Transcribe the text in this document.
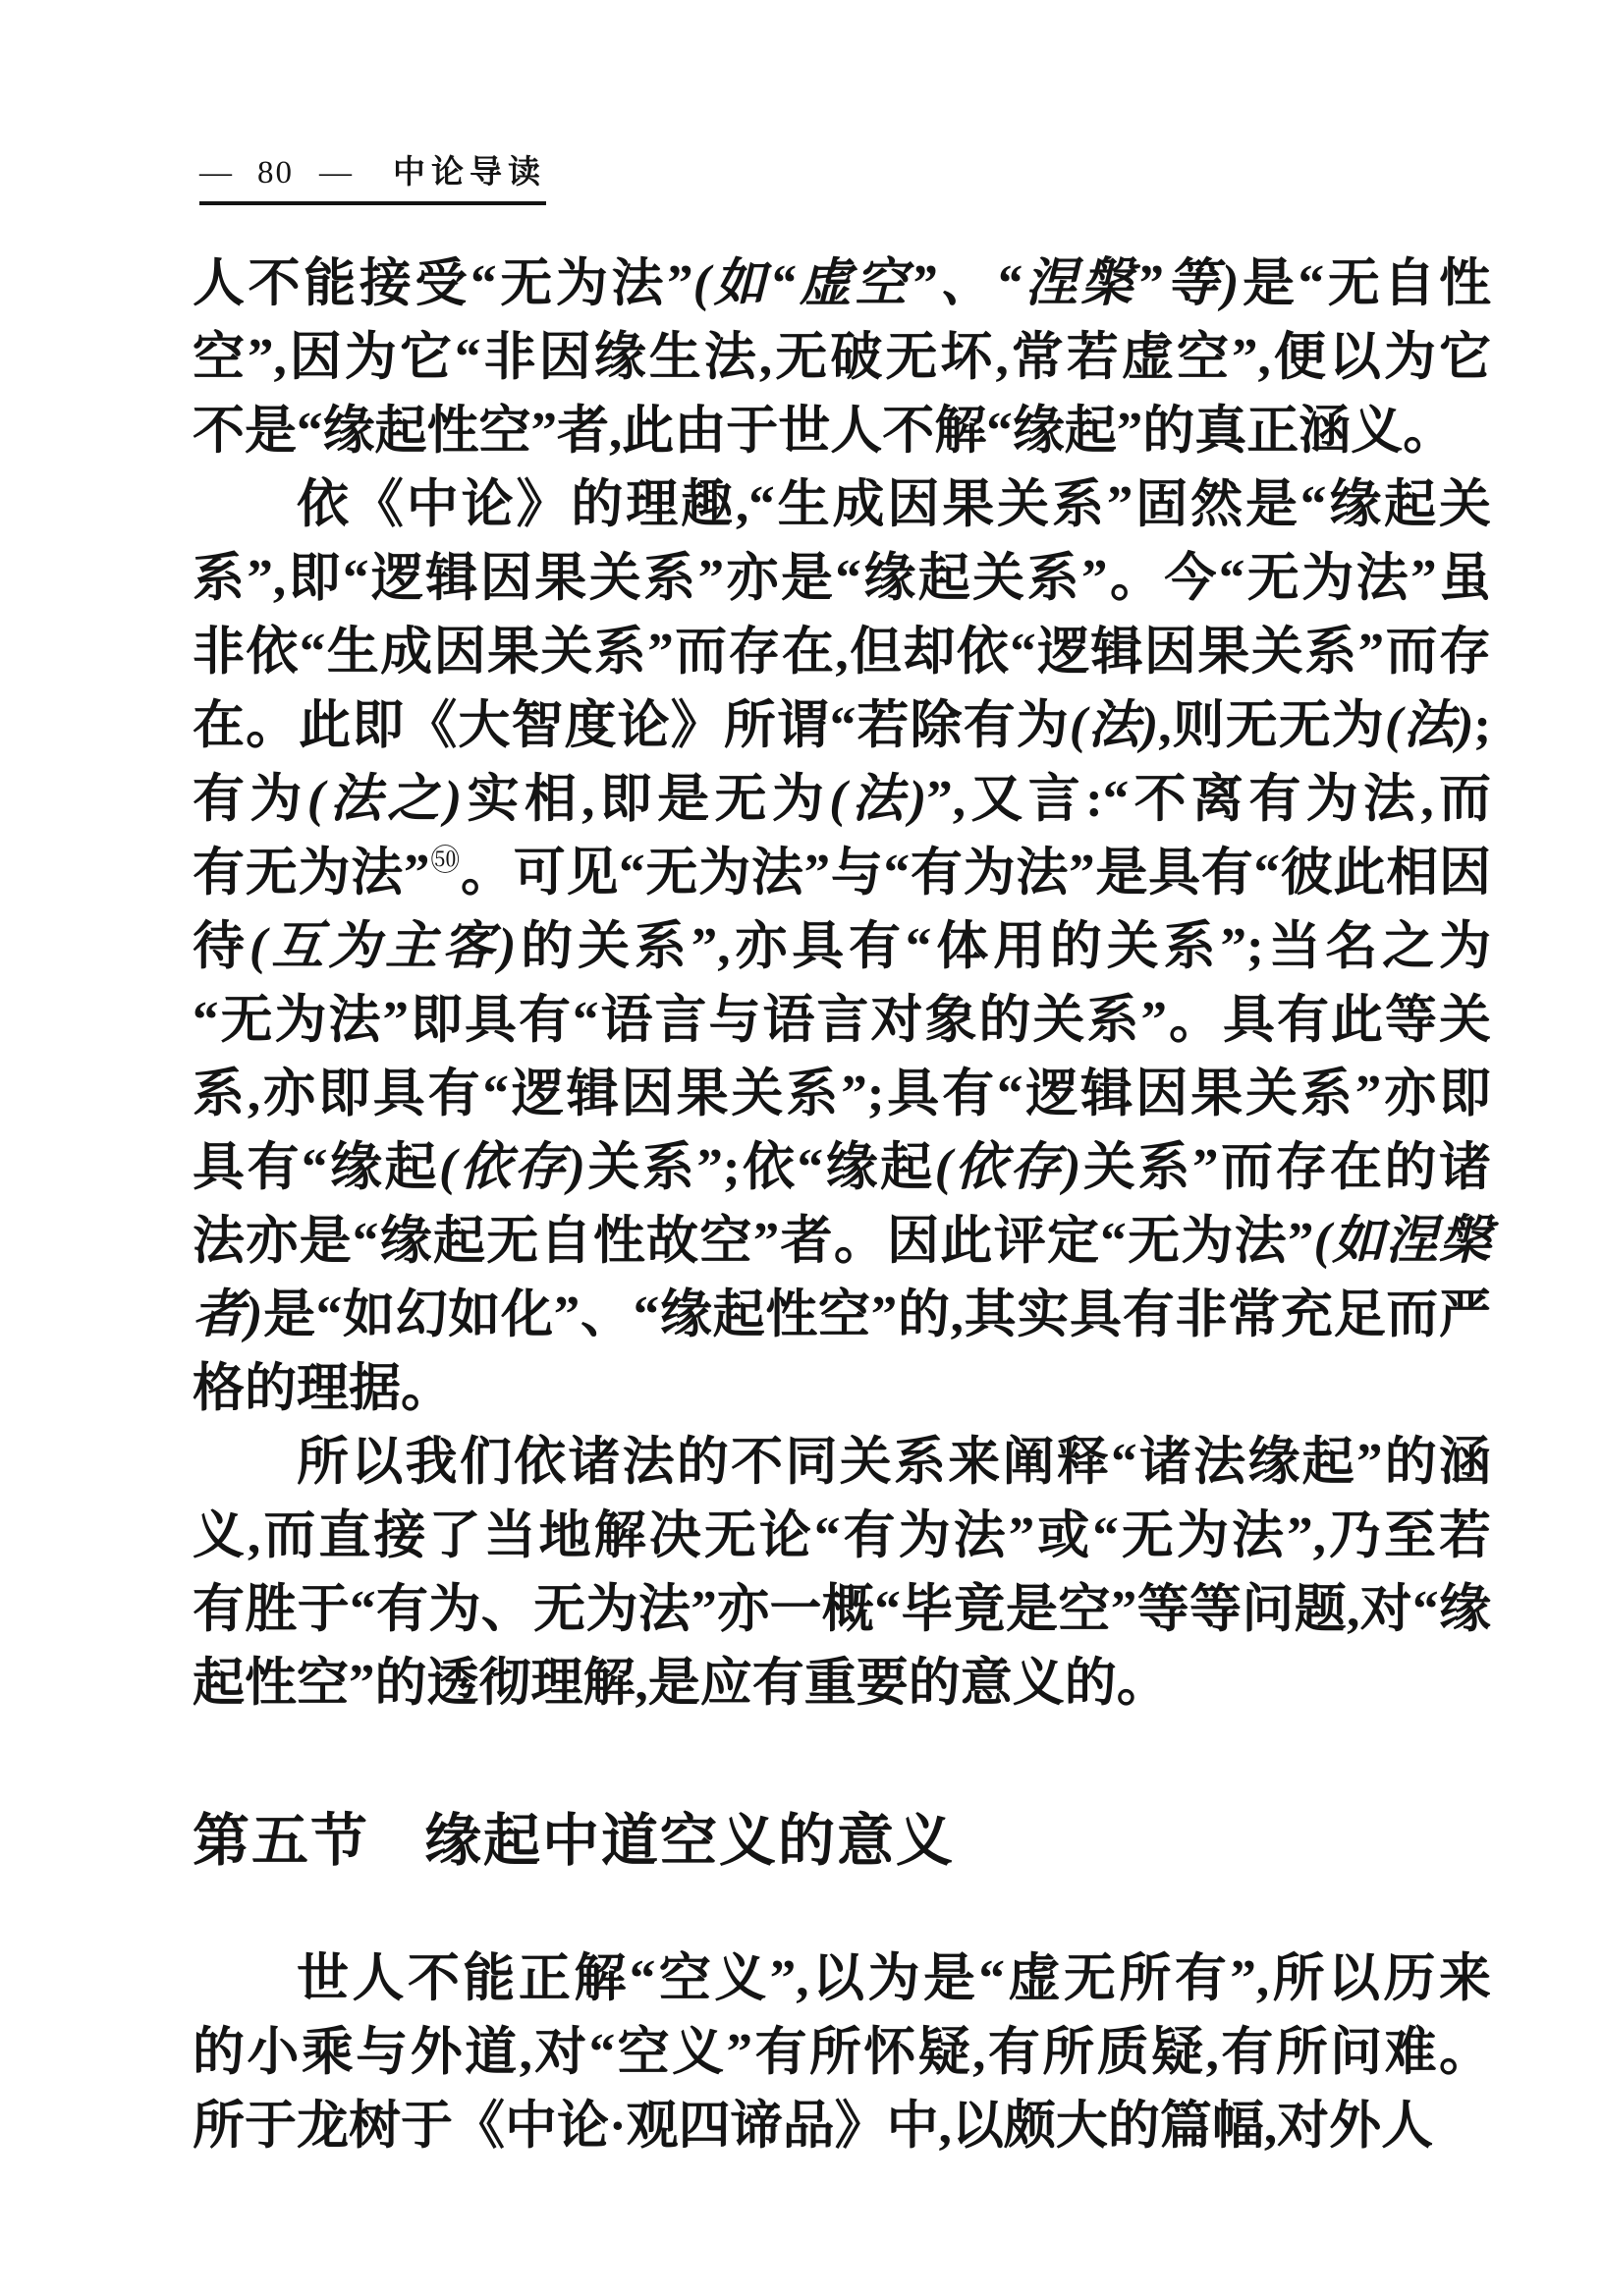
— 80 — 中论导读
人不能接受“无为法”(如“虚空”、“涅槃”等)是“无自性
空”,因为它“非因缘生法,无破无坏,常若虚空”,便以为它
不是“缘起性空”者,此由于世人不解“缘起”的真正涵义。
依《中论》的理趣,“生成因果关系”固然是“缘起关
系”,即“逻辑因果关系”亦是“缘起关系”。今“无为法”虽
非依“生成因果关系”而存在,但却依“逻辑因果关系”而存
在。此即《大智度论》所谓“若除有为(法),则无无为(法);
有为(法之)实相,即是无为(法)”,又言:“不离有为法,而
有无为法”$^㊿$。可见“无为法”与“有为法”是具有“彼此相因
待(互为主客)的关系”,亦具有“体用的关系”;当名之为
“无为法”即具有“语言与语言对象的关系”。具有此等关
系,亦即具有“逻辑因果关系”;具有“逻辑因果关系”亦即
具有“缘起(依存)关系”;依“缘起(依存)关系”而存在的诸
法亦是“缘起无自性故空”者。因此评定“无为法”(如涅槃
者)是“如幻如化”、“缘起性空”的,其实具有非常充足而严
格的理据。
所以我们依诸法的不同关系来阐释“诸法缘起”的涵
义,而直接了当地解决无论“有为法”或“无为法”,乃至若
有胜于“有为、无为法”亦一概“毕竟是空”等等问题,对“缘
起性空”的透彻理解,是应有重要的意义的。
第五节 缘起中道空义的意义
世人不能正解“空义”,以为是“虚无所有”,所以历来
的小乘与外道,对“空义”有所怀疑,有所质疑,有所问难。
所于龙树于《中论·观四谛品》中,以颇大的篇幅,对外人
